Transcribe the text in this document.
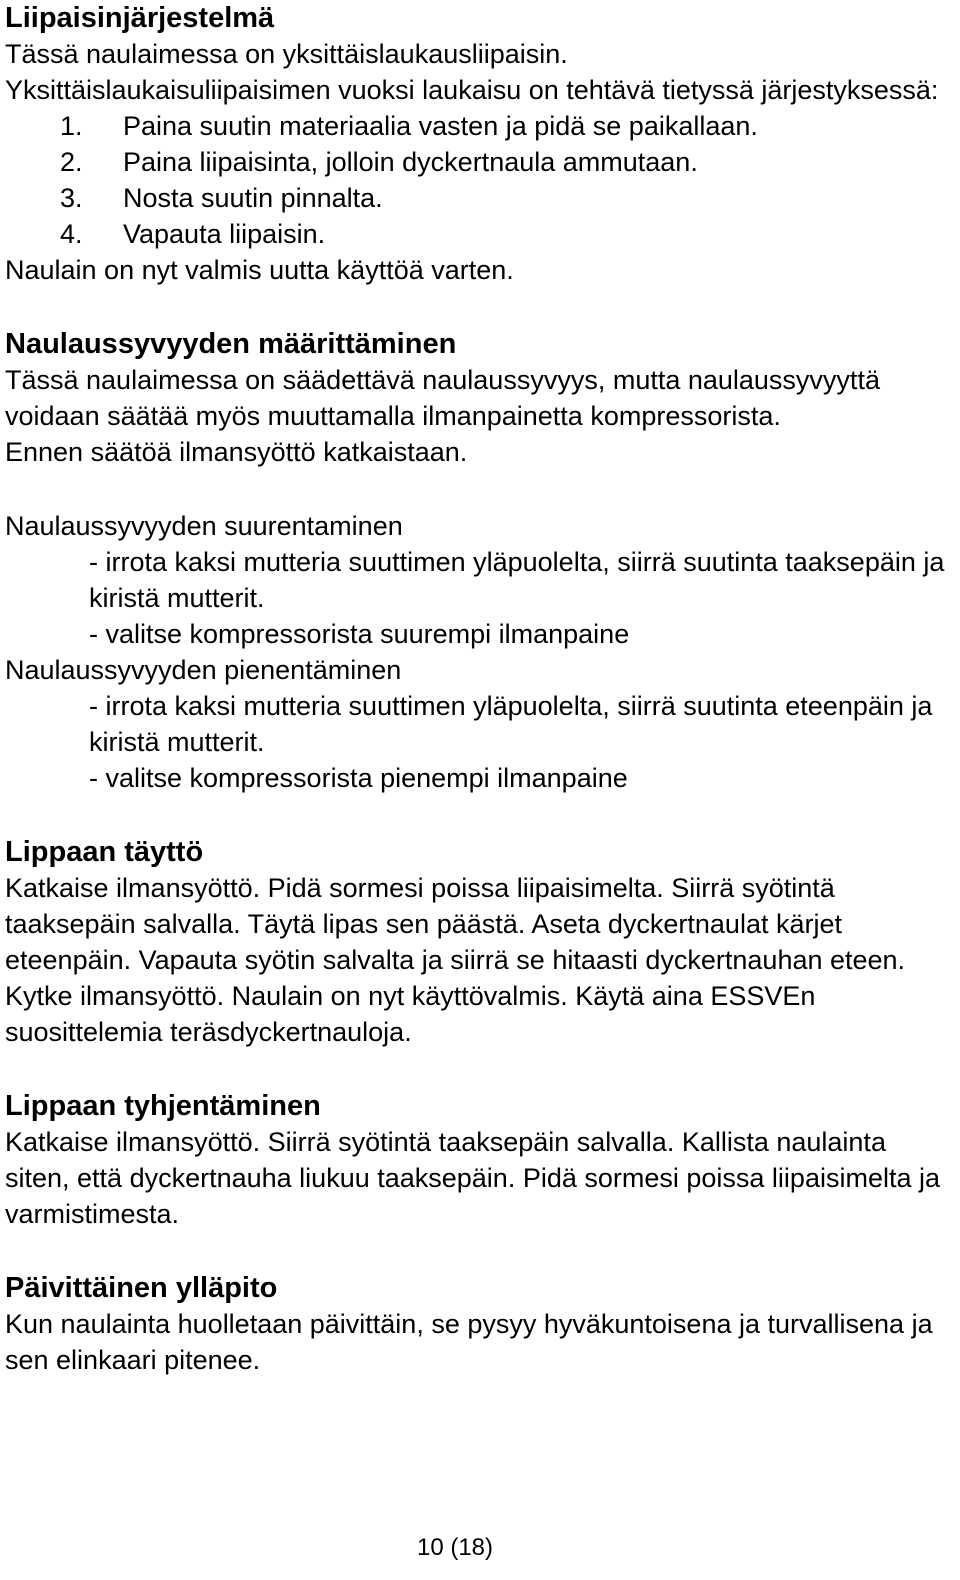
Liipaisinjärjestelmä

Tässä naulaimessa on yksittäislaukausliipaisin.

Yksittäislaukaisuliipaisimen vuoksi laukaisu on tehtävä tietyssä järjestyksessä:

1.	Paina suutin materiaalia vasten ja pidä se paikallaan.
2.	Paina liipaisinta, jolloin dyckertnaula ammutaan.
3.	Nosta suutin pinnalta.
4.	Vapauta liipaisin.

Naulain on nyt valmis uutta käyttöä varten.

Naulaussyvyyden määrittäminen

Tässä naulaimessa on säädettävä naulaussyvyys, mutta naulaussyvyyttä voidaan säätää myös muuttamalla ilmanpainetta kompressorista.

Ennen säätöä ilmansyöttö katkaistaan.

Naulaussyvyyden suurentaminen

- irrota kaksi mutteria suuttimen yläpuolelta, siirrä suutinta taaksepäin ja kiristä mutterit.

- valitse kompressorista suurempi ilmanpaine

Naulaussyvyyden pienentäminen

- irrota kaksi mutteria suuttimen yläpuolelta, siirrä suutinta eteenpäin ja kiristä mutterit.

- valitse kompressorista pienempi ilmanpaine

Lippaan täyttö

Katkaise ilmansyöttö. Pidä sormesi poissa liipaisimelta. Siirrä syötintä taaksepäin salvalla. Täytä lipas sen päästä. Aseta dyckertnaulat kärjet eteenpäin. Vapauta syötin salvalta ja siirrä se hitaasti dyckertnauhan eteen. Kytke ilmansyöttö. Naulain on nyt käyttövalmis. Käytä aina ESSVEn suosittelemia teräsdyckertnauloja.

Lippaan tyhjentäminen

Katkaise ilmansyöttö. Siirrä syötintä taaksepäin salvalla. Kallista naulainta siten, että dyckertnauha liukuu taaksepäin. Pidä sormesi poissa liipaisimelta ja varmistimesta.

Päivittäinen ylläpito

Kun naulainta huolletaan päivittäin, se pysyy hyväkuntoisena ja turvallisena ja sen elinkaari pitenee.

10 (18)
